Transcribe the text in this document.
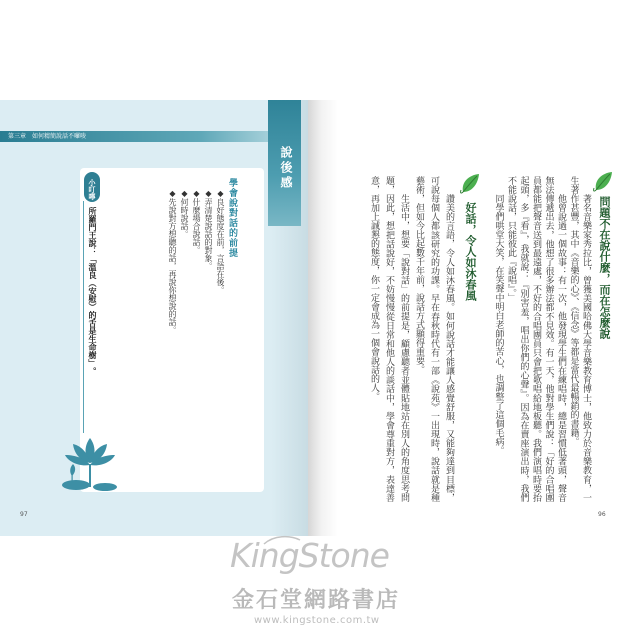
第三章　如何精簡說話不囉唆
說後感
小叮嚀
所羅門王說：「溫良（安慰）的舌是生命樹」。	學會說對話的前提
◆良好態度在前，言語在後。
◆弄清楚說話的對象。
◆什麼場合說話。
◆何時說話。
◆先說對方想聽的話，再說你想說的話。
97
問題不在說什麼，而在怎麼說

著名音樂家秀拉比，曾獲美國哈佛大學音樂教育博士，他致力於音樂教育，一生著作甚豐，其中《音樂的心》、《信念》等都是當代最暢銷的書籍。

他曾說過一個故事：有一次，他發現學生們在練唱時，總是習慣低著頭，聲音無法傳遞出去，他想了很多辦法都不見效。有一天，他對學生們說：「好的合唱團員都能把聲音送到最遠處，不好的合唱團員只會把歌唱給地板聽。我們演唱時要抬起頭，多『看』，我就說：『別害羞，唱出你們的心聲』。因為在賣座演出時，我們不能說話，只能彼此『說唱』。」

同學們哄堂大笑，在笑聲中明白老師的苦心，也調整了這個毛病。

好話，令人如沐春風

讚美的言語，令人如沐春風。如何說話才能讓人感覺舒服，又能夠達到目標，可說每個人都該研究的功課。早在春秋時代有一部《說苑》一出現時，說話就是種藝術，但如今比起數千年前，說話方式顯得重要。

生活中，想要「說對話」的前提是，顧慮聽者並體貼地站在別人的角度思考問題，因此，想把話說好，不妨慢慢從日常和他人的談話中，學會尊重對方，表達善意，再加上誠懇的態度，你一定會成為一個會說話的人。

96
KingStone
金石堂網路書店
www.kingstone.com.tw
